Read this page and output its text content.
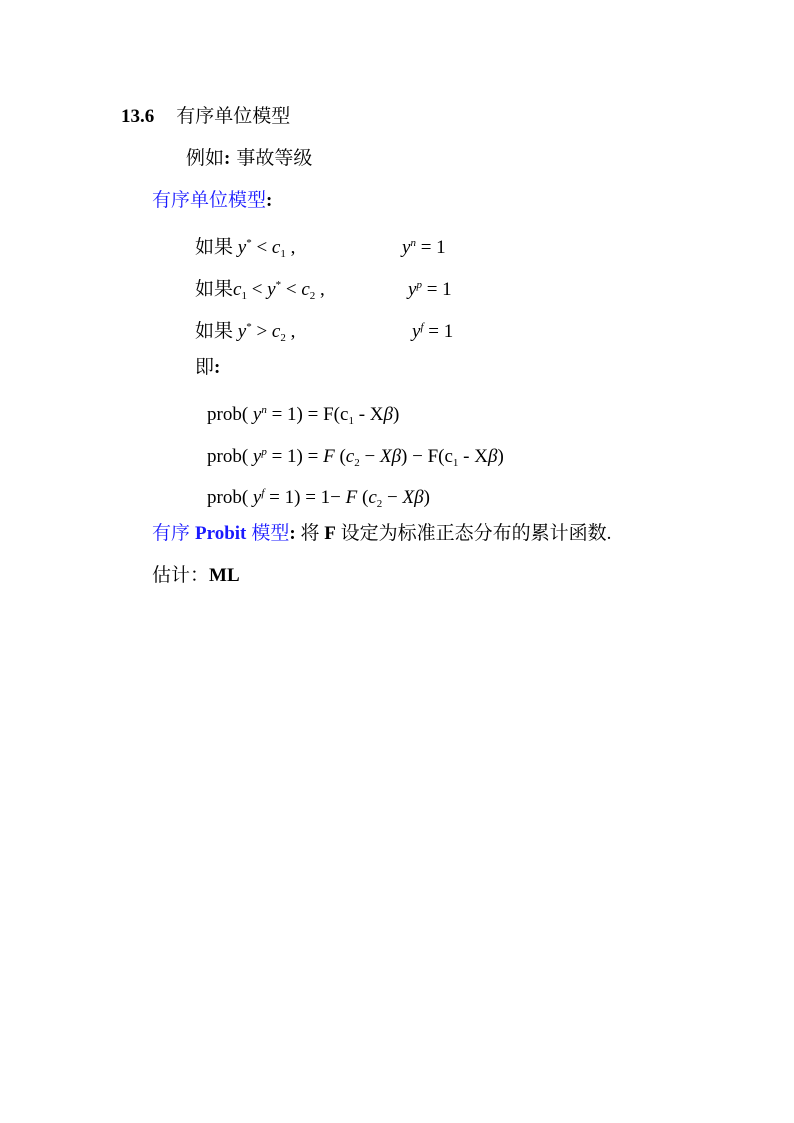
13.6 有序单位模型
例如: 事故等级
有序单位模型:
如果 $y^* < c_1$ ,	$y^n = 1$
如果$c_1 < y^* < c_2$ ,	$y^p = 1$
如果 $y^* > c_2$ ,	$y^f = 1$
即:
prob( $y^n = 1) = F(c_1 - X\beta)$
prob( $y^p = 1) = F$ $(c_2 - X\beta) - F(c_1 - X\beta)$
prob( $y^f = 1) = 1- F$ $(c_2 - X\beta)$
有序 Probit 模型: 将 F 设定为标准正态分布的累计函数.
估计：ML
